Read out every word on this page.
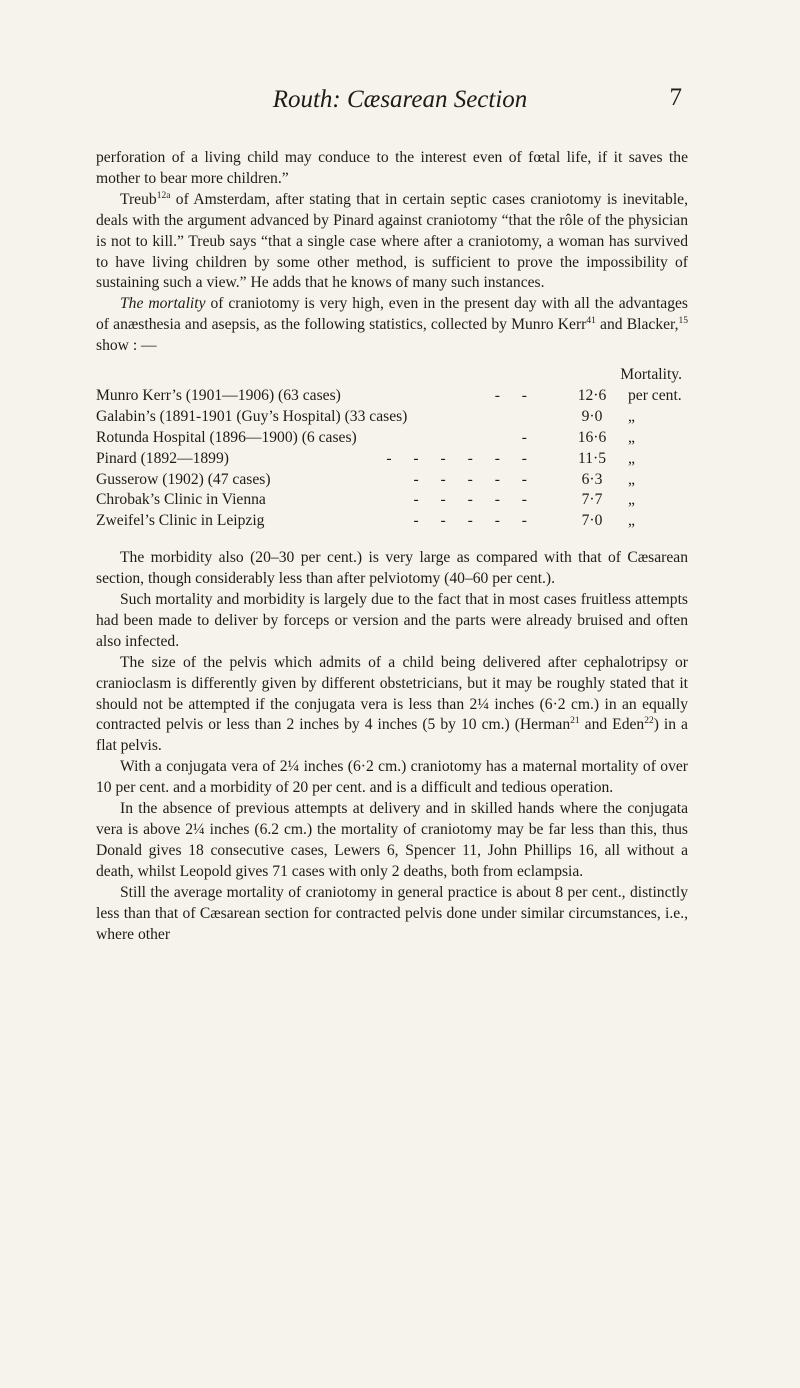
Routh: Cæsarean Section	7

perforation of a living child may conduce to the interest even of fœtal life, if it saves the mother to bear more children.”

Treub$^{12a}$ of Amsterdam, after stating that in certain septic cases craniotomy is inevitable, deals with the argument advanced by Pinard against craniotomy “that the rôle of the physician is not to kill.” Treub says “that a single case where after a craniotomy, a woman has survived to have living children by some other method, is sufficient to prove the impossibility of sustaining such a view.” He adds that he knows of many such instances.

The mortality of craniotomy is very high, even in the present day with all the advantages of anæsthesia and asepsis, as the following statistics, collected by Munro Kerr$^{41}$ and Blacker,$^{15}$ show : —

Mortality.
Munro Kerr’s (1901—1906) (63 cases)	- -	12·6 per cent.
Galabin’s (1891-1901 (Guy’s Hospital) (33 cases)	9·0	„
Rotunda Hospital (1896—1900) (6 cases)	-	16·6 „
Pinard (1892—1899)	- - - - - -	11·5 „
Gusserow (1902) (47 cases)	- - - - -	6·3	„
Chrobak’s Clinic in Vienna	- - - - -	7·7	„
Zweifel’s Clinic in Leipzig	- - - - -	7·0	„

The morbidity also (20–30 per cent.) is very large as compared with that of Cæsarean section, though considerably less than after pelviotomy (40–60 per cent.).

Such mortality and morbidity is largely due to the fact that in most cases fruitless attempts had been made to deliver by forceps or version and the parts were already bruised and often also infected.

The size of the pelvis which admits of a child being delivered after cephalotripsy or cranioclasm is differently given by different obstetricians, but it may be roughly stated that it should not be attempted if the conjugata vera is less than 2¼ inches (6·2 cm.) in an equally contracted pelvis or less than 2 inches by 4 inches (5 by 10 cm.) (Herman$^{21}$ and Eden$^{22}$) in a flat pelvis.

With a conjugata vera of 2¼ inches (6·2 cm.) craniotomy has a maternal mortality of over 10 per cent. and a morbidity of 20 per cent. and is a difficult and tedious operation.

In the absence of previous attempts at delivery and in skilled hands where the conjugata vera is above 2¼ inches (6.2 cm.) the mortality of craniotomy may be far less than this, thus Donald gives 18 consecutive cases, Lewers 6, Spencer 11, John Phillips 16, all without a death, whilst Leopold gives 71 cases with only 2 deaths, both from eclampsia.

Still the average mortality of craniotomy in general practice is about 8 per cent., distinctly less than that of Cæsarean section for contracted pelvis done under similar circumstances, i.e., where other
